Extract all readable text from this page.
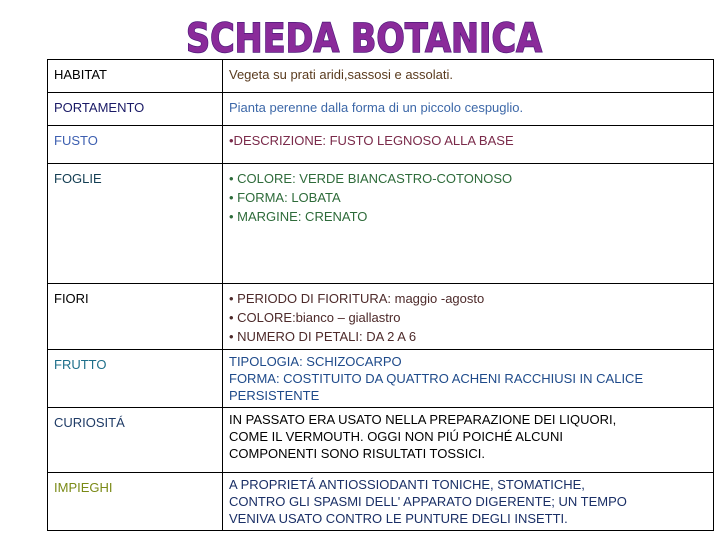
SCHEDA BOTANICA
HABITAT	Vegeta su prati aridi,sassosi e assolati.

PORTAMENTO	Pianta perenne dalla forma di un piccolo cespuglio.

FUSTO	•DESCRIZIONE: FUSTO LEGNOSO ALLA BASE

FOGLIE	• COLORE: VERDE BIANCASTRO-COTONOSO
• FORMA: LOBATA
• MARGINE: CRENATO

FIORI	• PERIODO DI FIORITURA: maggio -agosto
• COLORE:bianco – giallastro
• NUMERO DI PETALI: DA 2 A 6

FRUTTO	TIPOLOGIA: SCHIZOCARPO
FORMA: COSTITUITO DA QUATTRO ACHENI RACCHIUSI IN CALICE
PERSISTENTE

CURIOSITÁ	IN PASSATO ERA USATO NELLA PREPARAZIONE DEI LIQUORI,
COME IL VERMOUTH. OGGI NON PIÚ POICHÉ ALCUNI
COMPONENTI SONO RISULTATI TOSSICI.

IMPIEGHI	A PROPRIETÁ ANTIOSSIODANTI TONICHE, STOMATICHE,
CONTRO GLI SPASMI DELL' APPARATO DIGERENTE; UN TEMPO
VENIVA USATO CONTRO LE PUNTURE DEGLI INSETTI.
